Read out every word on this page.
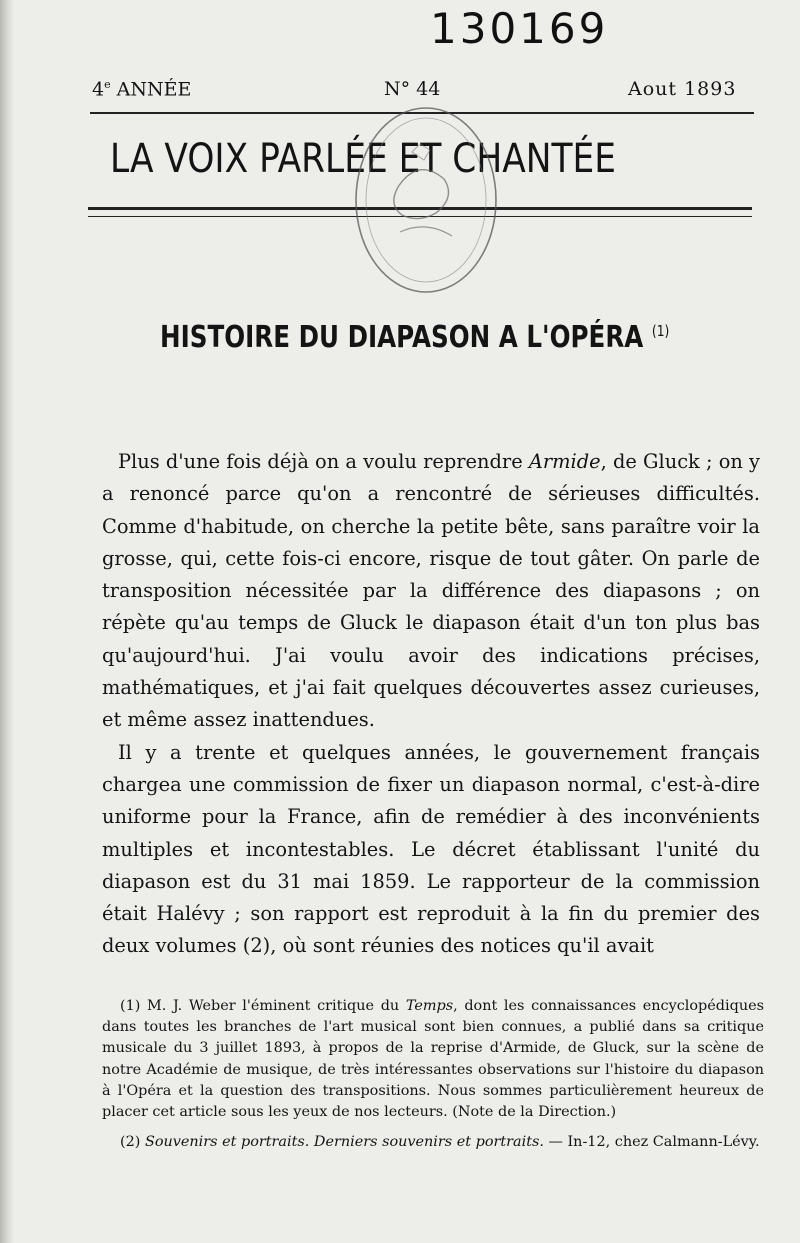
130169
4e ANNÉE	N° 44	Aout 1893
LA VOIX PARLÉE ET CHANTÉE
HISTOIRE DU DIAPASON A L'OPÉRA $^{(1)}$

Plus d'une fois déjà on a voulu reprendre Armide, de Gluck ; on y a renoncé parce qu'on a rencontré de sérieuses difficultés. Comme d'habitude, on cherche la petite bête, sans paraître voir la grosse, qui, cette fois-ci encore, risque de tout gâter. On parle de transposition nécessitée par la différence des diapasons ; on répète qu'au temps de Gluck le diapason était d'un ton plus bas qu'aujourd'hui. J'ai voulu avoir des indications précises, mathématiques, et j'ai fait quelques découvertes assez curieuses, et même assez inattendues.

Il y a trente et quelques années, le gouvernement français chargea une commission de fixer un diapason normal, c'est-à-dire uniforme pour la France, afin de remédier à des inconvénients multiples et incontestables. Le décret établissant l'unité du diapason est du 31 mai 1859. Le rapporteur de la commission était Halévy ; son rapport est reproduit à la fin du premier des deux volumes (2), où sont réunies des notices qu'il avait

(1) M. J. Weber l'éminent critique du Temps, dont les connaissances encyclopédiques dans toutes les branches de l'art musical sont bien connues, a publié dans sa critique musicale du 3 juillet 1893, à propos de la reprise d'Armide, de Gluck, sur la scène de notre Académie de musique, de très intéressantes observations sur l'histoire du diapason à l'Opéra et la question des transpositions. Nous sommes particulièrement heureux de placer cet article sous les yeux de nos lecteurs. (Note de la Direction.)

(2) Souvenirs et portraits. Derniers souvenirs et portraits. — In-12, chez Calmann-Lévy.
